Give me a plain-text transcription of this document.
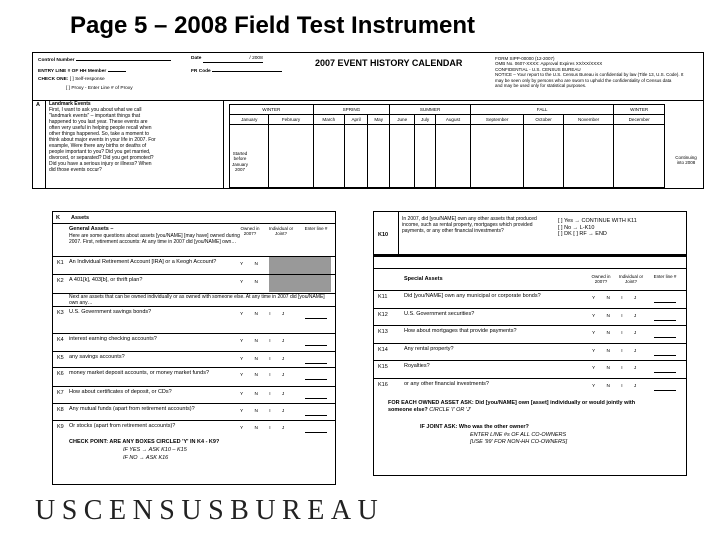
Page 5 – 2008 Field Test Instrument
Control Number	Date	/ 2008
ENTRY LINE # OF HH Member	FR Code
CHECK ONE: [ ] Self-response
[ ] Proxy - Enter Line # of Proxy
2007 EVENT HISTORY CALENDAR	FORM SIPP-00000 (12-2007)
OMB No. 0607-XXXX: Approval Expires XX/XX/XXXX
CONFIDENTIAL - U.S. CENSUS BUREAU
NOTICE – Your report to the U.S. Census Bureau is confidential by law (Title 13, U.S. Code). It
may be seen only by persons who are sworn to uphold the confidentiality of Census data
and may be used only for statistical purposes.
A Landmark Events
First, I want to ask you about what we call
"landmark events" – important things that
happened to you last year. These events are
often very useful in helping people recall when
other things happened. So, take a moment to
think about major events in your life in 2007. For
example, Were there any births or deaths of
people important to you? Did you get married,
divorced, or separated? Did you get promoted?
Did you have a serious injury or illness? When
did those events occur?
WINTER		SPRING			SUMMER			FALL			WINTER
January	February	March	April	May	June	July	August	September	October	November	December

Started before January 2007
Continuing into 2008
K Assets
General Assets –
Here are some questions about assets [you/NAME] [may have] owned during 2007. First, retirement accounts: At any time in 2007 did [you/NAME] own…
Owned in 2007?
Individual or Joint?
Enter line #
K1 An Individual Retirement Account [IRA] or a Keogh Account?	Y N
K2 A 401[k], 403[b], or thrift plan?	Y N
K3 U.S. Government savings bonds?	Y N I J
K4 interest earning checking accounts?	Y N I J
K5 any savings accounts?	Y N I J
K6 money market deposit accounts, or money market funds?	Y N I J
K7 How about certificates of deposit, or CDs?	Y N I J
K8 Any mutual funds (apart from retirement accounts)?	Y N I J
K9 Or stocks (apart from retirement accounts)?	Y N I J
Next are assets that can be owned individually or as owned with someone else. At any time in 2007 did [you/NAME] own any…
CHECK POINT: ARE ANY BOXES CIRCLED 'Y' IN K4 - K9?
IF YES → ASK K10 – K15
IF NO → ASK K16
K10
In 2007, did [you/NAME] own any other assets that produced income, such as rental property, mortgages which provided payments, or any other financial investments?
[ ] Yes → CONTINUE WITH K11
[ ] No → L-K10
[ ] DK [ ] RF → END
Special Assets	Owned in 2007?
Individual or Joint?
Enter line #
K11	Did [you/NAME] own any municipal or corporate bonds?	Y N I J
K12	U.S. Government securities?	Y N I J
K13	How about mortgages that provide payments?	Y N I J
K14	Any rental property?	Y N I J
K15	Royalties?	Y N I J
K16	or any other financial investments?	Y N I J
FOR EACH OWNED ASSET ASK: Did [you/NAME] own [asset] individually or would jointly with someone else? CIRCLE 'I' OR 'J'
IF JOINT ASK: Who was the other owner?
ENTER LINE #s OF ALL CO-OWNERS
[USE '99' FOR NON-HH CO-OWNERS]
USCENSUSBUREAU
